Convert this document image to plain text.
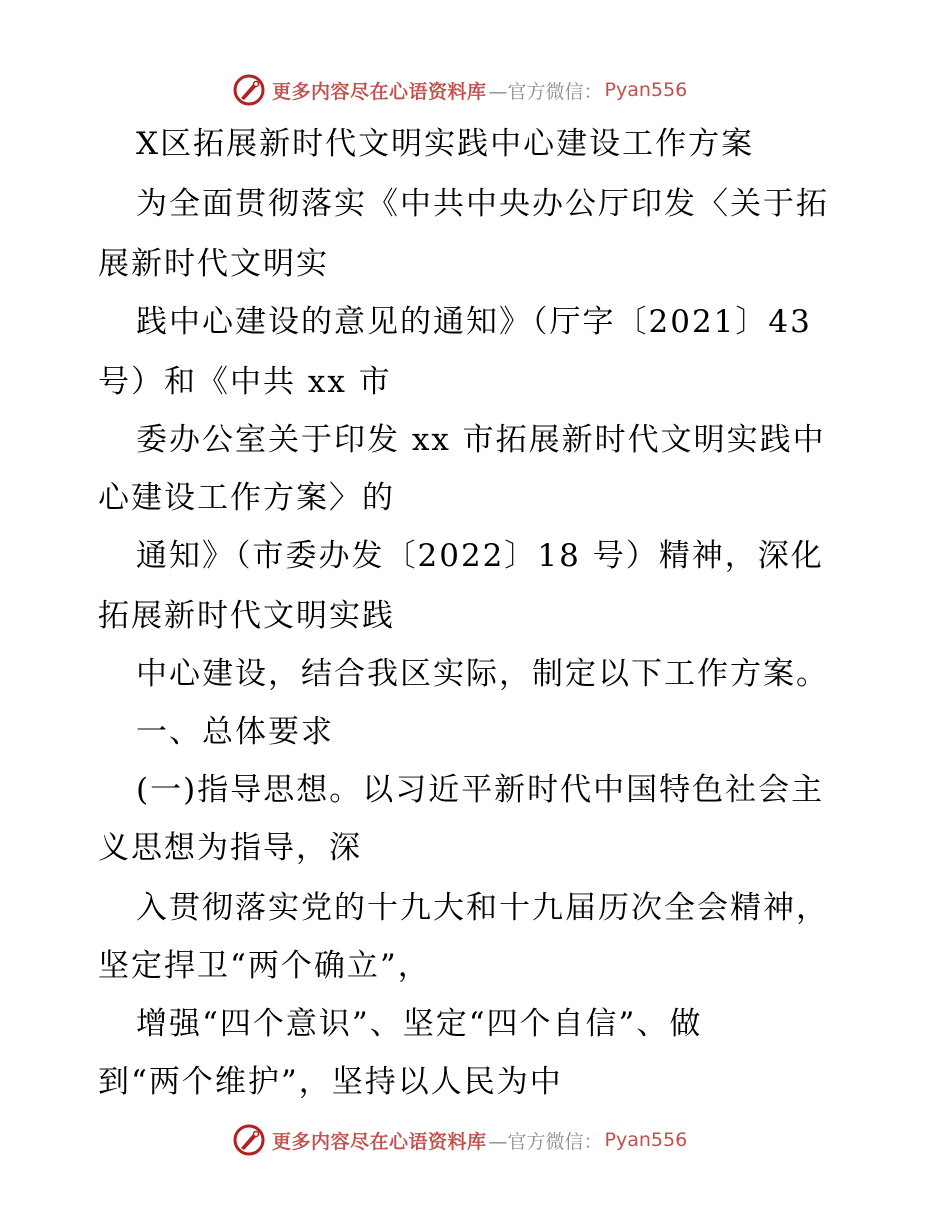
更多内容尽在心语资料库 —官方微信： Pyan556
X区拓展新时代文明实践中心建设工作方案
为全面贯彻落实《中共中央办公厅印发〈关于拓
展新时代文明实
践中心建设的意见的通知》（厅字〔2021〕43
号）和《中共 xx 市
委办公室关于印发 xx 市拓展新时代文明实践中
心建设工作方案〉的
通知》（市委办发〔2022〕18 号）精神，深化
拓展新时代文明实践
中心建设，结合我区实际，制定以下工作方案。
一、总体要求
(一)指导思想。以习近平新时代中国特色社会主
义思想为指导，深
入贯彻落实党的十九大和十九届历次全会精神，
坚定捍卫“两个确立”，
增强“四个意识”、坚定“四个自信”、做
到“两个维护”，坚持以人民为中
更多内容尽在心语资料库 —官方微信： Pyan556
